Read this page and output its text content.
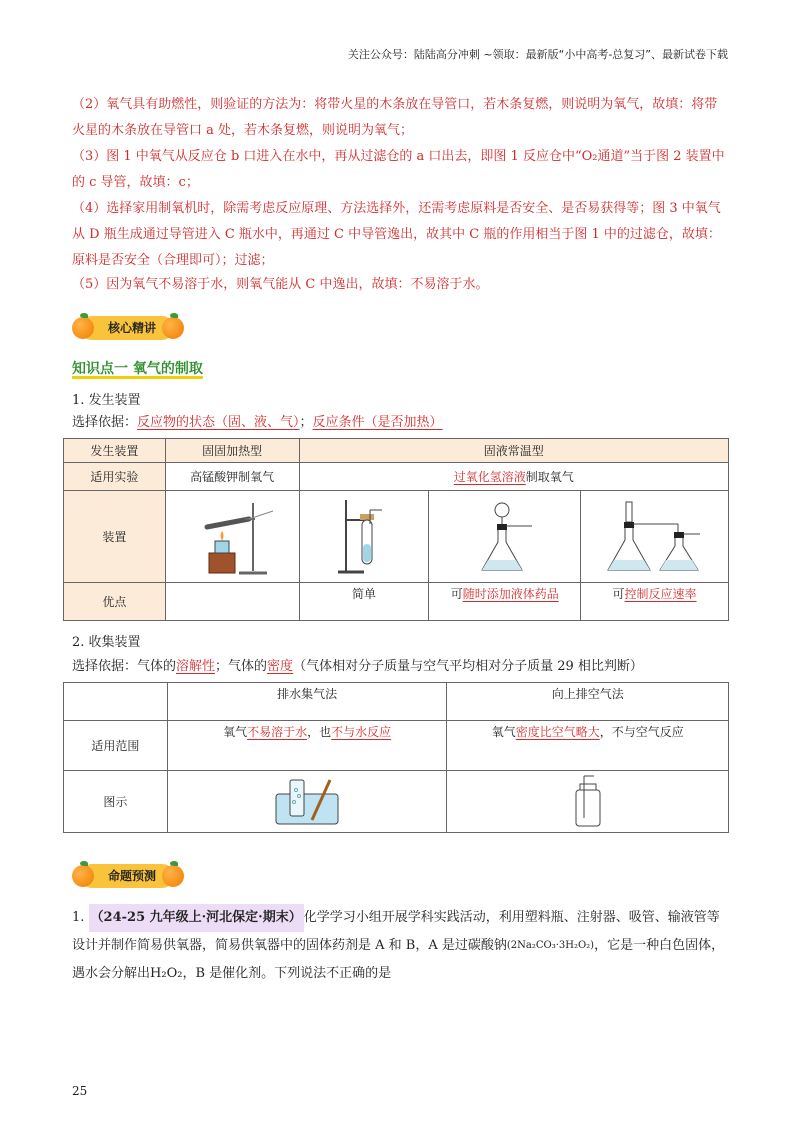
关注公众号：陆陆高分冲刺 ~领取：最新版“小中高考-总复习”、最新试卷下载
（2）氧气具有助燃性，则验证的方法为：将带火星的木条放在导管口，若木条复燃，则说明为氧气，故填：将带火星的木条放在导管口 a 处，若木条复燃，则说明为氧气；
（3）图 1 中氧气从反应仓 b 口进入在水中，再从过滤仓的 a 口出去，即图 1 反应仓中“O₂通道”当于图 2 装置中的 c 导管，故填：c；
（4）选择家用制氧机时，除需考虑反应原理、方法选择外，还需考虑原料是否安全、是否易获得等；图 3 中氧气从 D 瓶生成通过导管进入 C 瓶水中，再通过 C 中导管逸出，故其中 C 瓶的作用相当于图 1 中的过滤仓，故填：原料是否安全（合理即可）；过滤；
（5）因为氧气不易溶于水，则氧气能从 C 中逸出，故填：不易溶于水。
核心精讲
知识点一 氧气的制取
1. 发生装置
选择依据：反应物的状态（固、液、气）；反应条件（是否加热）
发生装置	固固加热型	固液常温型		
适用实验	高锰酸钾制氧气	过氧化氢溶液制取氧气		
装置	

优点		简单	可随时添加液体药品	可控制反应速率
2. 收集装置
选择依据：气体的溶解性；气体的密度（气体相对分子质量与空气平均相对分子质量 29 相比判断）
	排水集气法	向上排空气法
适用范围	氧气不易溶于水，也不与水反应	氧气密度比空气略大，不与空气反应
图示	

命题预测
1. （24-25 九年级上·河北保定·期末） 化学学习小组开展学科实践活动，利用塑料瓶、注射器、吸管、输液管等设计并制作简易供氧器，简易供氧器中的固体药剂是 A 和 B，A 是过碳酸钠$^{(2Na_2CO_3\cdot 3H_2O_2)}$，它是一种白色固体，遇水会分解出H₂O₂，B 是催化剂。下列说法不正确的是
25
